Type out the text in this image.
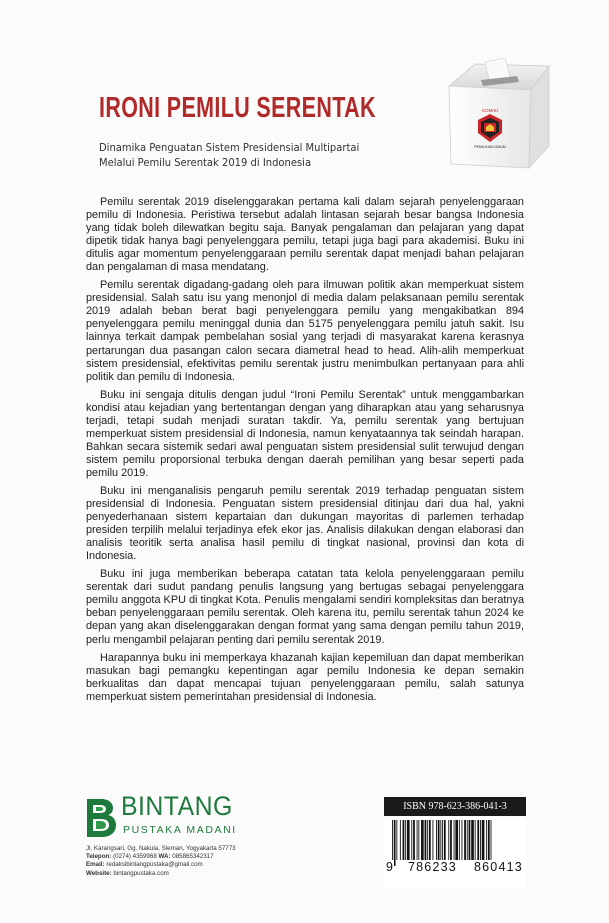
IRONI PEMILU SERENTAK
Dinamika Penguatan Sistem Presidensial Multipartai
Melalui Pemilu Serentak 2019 di Indonesia
KOMISI
PEMILIHAN UMUM

Pemilu serentak 2019 diselenggarakan pertama kali dalam sejarah penyelenggaraan pemilu di Indonesia. Peristiwa tersebut adalah lintasan sejarah besar bangsa Indonesia yang tidak boleh dilewatkan begitu saja. Banyak pengalaman dan pelajaran yang dapat dipetik tidak hanya bagi penyelenggara pemilu, tetapi juga bagi para akademisi. Buku ini ditulis agar momentum penyelenggaraan pemilu serentak dapat menjadi bahan pelajaran dan pengalaman di masa mendatang.

Pemilu serentak digadang-gadang oleh para ilmuwan politik akan memperkuat sistem presidensial. Salah satu isu yang menonjol di media dalam pelaksanaan pemilu serentak 2019 adalah beban berat bagi penyelenggara pemilu yang mengakibatkan 894 penyelenggara pemilu meninggal dunia dan 5175 penyelenggara pemilu jatuh sakit. Isu lainnya terkait dampak pembelahan sosial yang terjadi di masyarakat karena kerasnya pertarungan dua pasangan calon secara diametral head to head. Alih-alih memperkuat sistem presidensial, efektivitas pemilu serentak justru menimbulkan pertanyaan para ahli politik dan pemilu di Indonesia.

Buku ini sengaja ditulis dengan judul “Ironi Pemilu Serentak” untuk menggambarkan kondisi atau kejadian yang bertentangan dengan yang diharapkan atau yang seharusnya terjadi, tetapi sudah menjadi suratan takdir. Ya, pemilu serentak yang bertujuan memperkuat sistem presidensial di Indonesia, namun kenyataannya tak seindah harapan. Bahkan secara sistemik sedari awal penguatan sistem presidensial sulit terwujud dengan sistem pemilu proporsional terbuka dengan daerah pemilihan yang besar seperti pada pemilu 2019.

Buku ini menganalisis pengaruh pemilu serentak 2019 terhadap penguatan sistem presidensial di Indonesia. Penguatan sistem presidensial ditinjau dari dua hal, yakni penyederhanaan sistem kepartaian dan dukungan mayoritas di parlemen terhadap presiden terpilih melalui terjadinya efek ekor jas. Analisis dilakukan dengan elaborasi dan analisis teoritik serta analisa hasil pemilu di tingkat nasional, provinsi dan kota di Indonesia.

Buku ini juga memberikan beberapa catatan tata kelola penyelenggaraan pemilu serentak dari sudut pandang penulis langsung yang bertugas sebagai penyelenggara pemilu anggota KPU di tingkat Kota. Penulis mengalami sendiri kompleksitas dan beratnya beban penyelenggaraan pemilu serentak. Oleh karena itu, pemilu serentak tahun 2024 ke depan yang akan diselenggarakan dengan format yang sama dengan pemilu tahun 2019, perlu mengambil pelajaran penting dari pemilu serentak 2019.

Harapannya buku ini memperkaya khazanah kajian kepemiluan dan dapat memberikan masukan bagi pemangku kepentingan agar pemilu Indonesia ke depan semakin berkualitas dan dapat mencapai tujuan penyelenggaraan pemilu, salah satunya memperkuat sistem pemerintahan presidensial di Indonesia.

BINTANG
PUSTAKA MADANI
Jl. Karangsari, Gg. Nakula, Sleman, Yogyakarta 57773
Telepon: (0274) 4359968 WA: 085865342317
Email: redaksibintangpustaka@gmail.com
Website: bintangpustaka.com
ISBN 978-623-386-041-3
9 786233 860413
